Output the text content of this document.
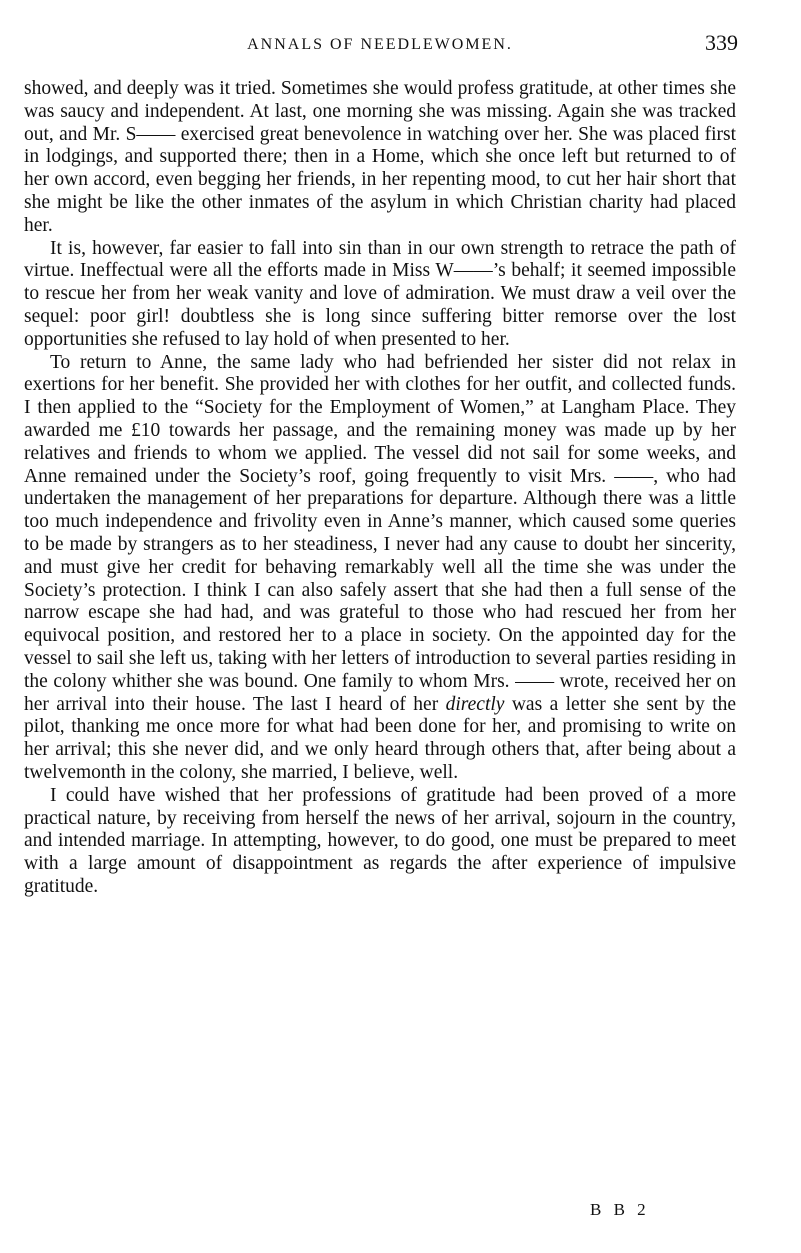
ANNALS OF NEEDLEWOMEN.	339

showed, and deeply was it tried. Sometimes she would profess gratitude, at other times she was saucy and independent. At last, one morning she was missing. Again she was tracked out, and Mr. S—— exercised great benevolence in watching over her. She was placed first in lodgings, and supported there; then in a Home, which she once left but returned to of her own accord, even begging her friends, in her repenting mood, to cut her hair short that she might be like the other inmates of the asylum in which Christian charity had placed her.

It is, however, far easier to fall into sin than in our own strength to retrace the path of virtue. Ineffectual were all the efforts made in Miss W——’s behalf; it seemed impossible to rescue her from her weak vanity and love of admiration. We must draw a veil over the sequel: poor girl! doubtless she is long since suffering bitter remorse over the lost opportunities she refused to lay hold of when presented to her.

To return to Anne, the same lady who had befriended her sister did not relax in exertions for her benefit. She provided her with clothes for her outfit, and collected funds. I then applied to the “Society for the Employment of Women,” at Langham Place. They awarded me £10 towards her passage, and the remaining money was made up by her relatives and friends to whom we applied. The vessel did not sail for some weeks, and Anne remained under the Society’s roof, going frequently to visit Mrs. ——, who had undertaken the management of her preparations for departure. Although there was a little too much independence and frivolity even in Anne’s manner, which caused some queries to be made by strangers as to her steadiness, I never had any cause to doubt her sincerity, and must give her credit for behaving remarkably well all the time she was under the Society’s protection. I think I can also safely assert that she had then a full sense of the narrow escape she had had, and was grateful to those who had rescued her from her equivocal position, and restored her to a place in society. On the appointed day for the vessel to sail she left us, taking with her letters of introduction to several parties residing in the colony whither she was bound. One family to whom Mrs. —— wrote, received her on her arrival into their house. The last I heard of her directly was a letter she sent by the pilot, thanking me once more for what had been done for her, and promising to write on her arrival; this she never did, and we only heard through others that, after being about a twelvemonth in the colony, she married, I believe, well.

I could have wished that her professions of gratitude had been proved of a more practical nature, by receiving from herself the news of her arrival, sojourn in the country, and intended marriage. In attempting, however, to do good, one must be prepared to meet with a large amount of disappointment as regards the after experience of impulsive gratitude.

B B 2
